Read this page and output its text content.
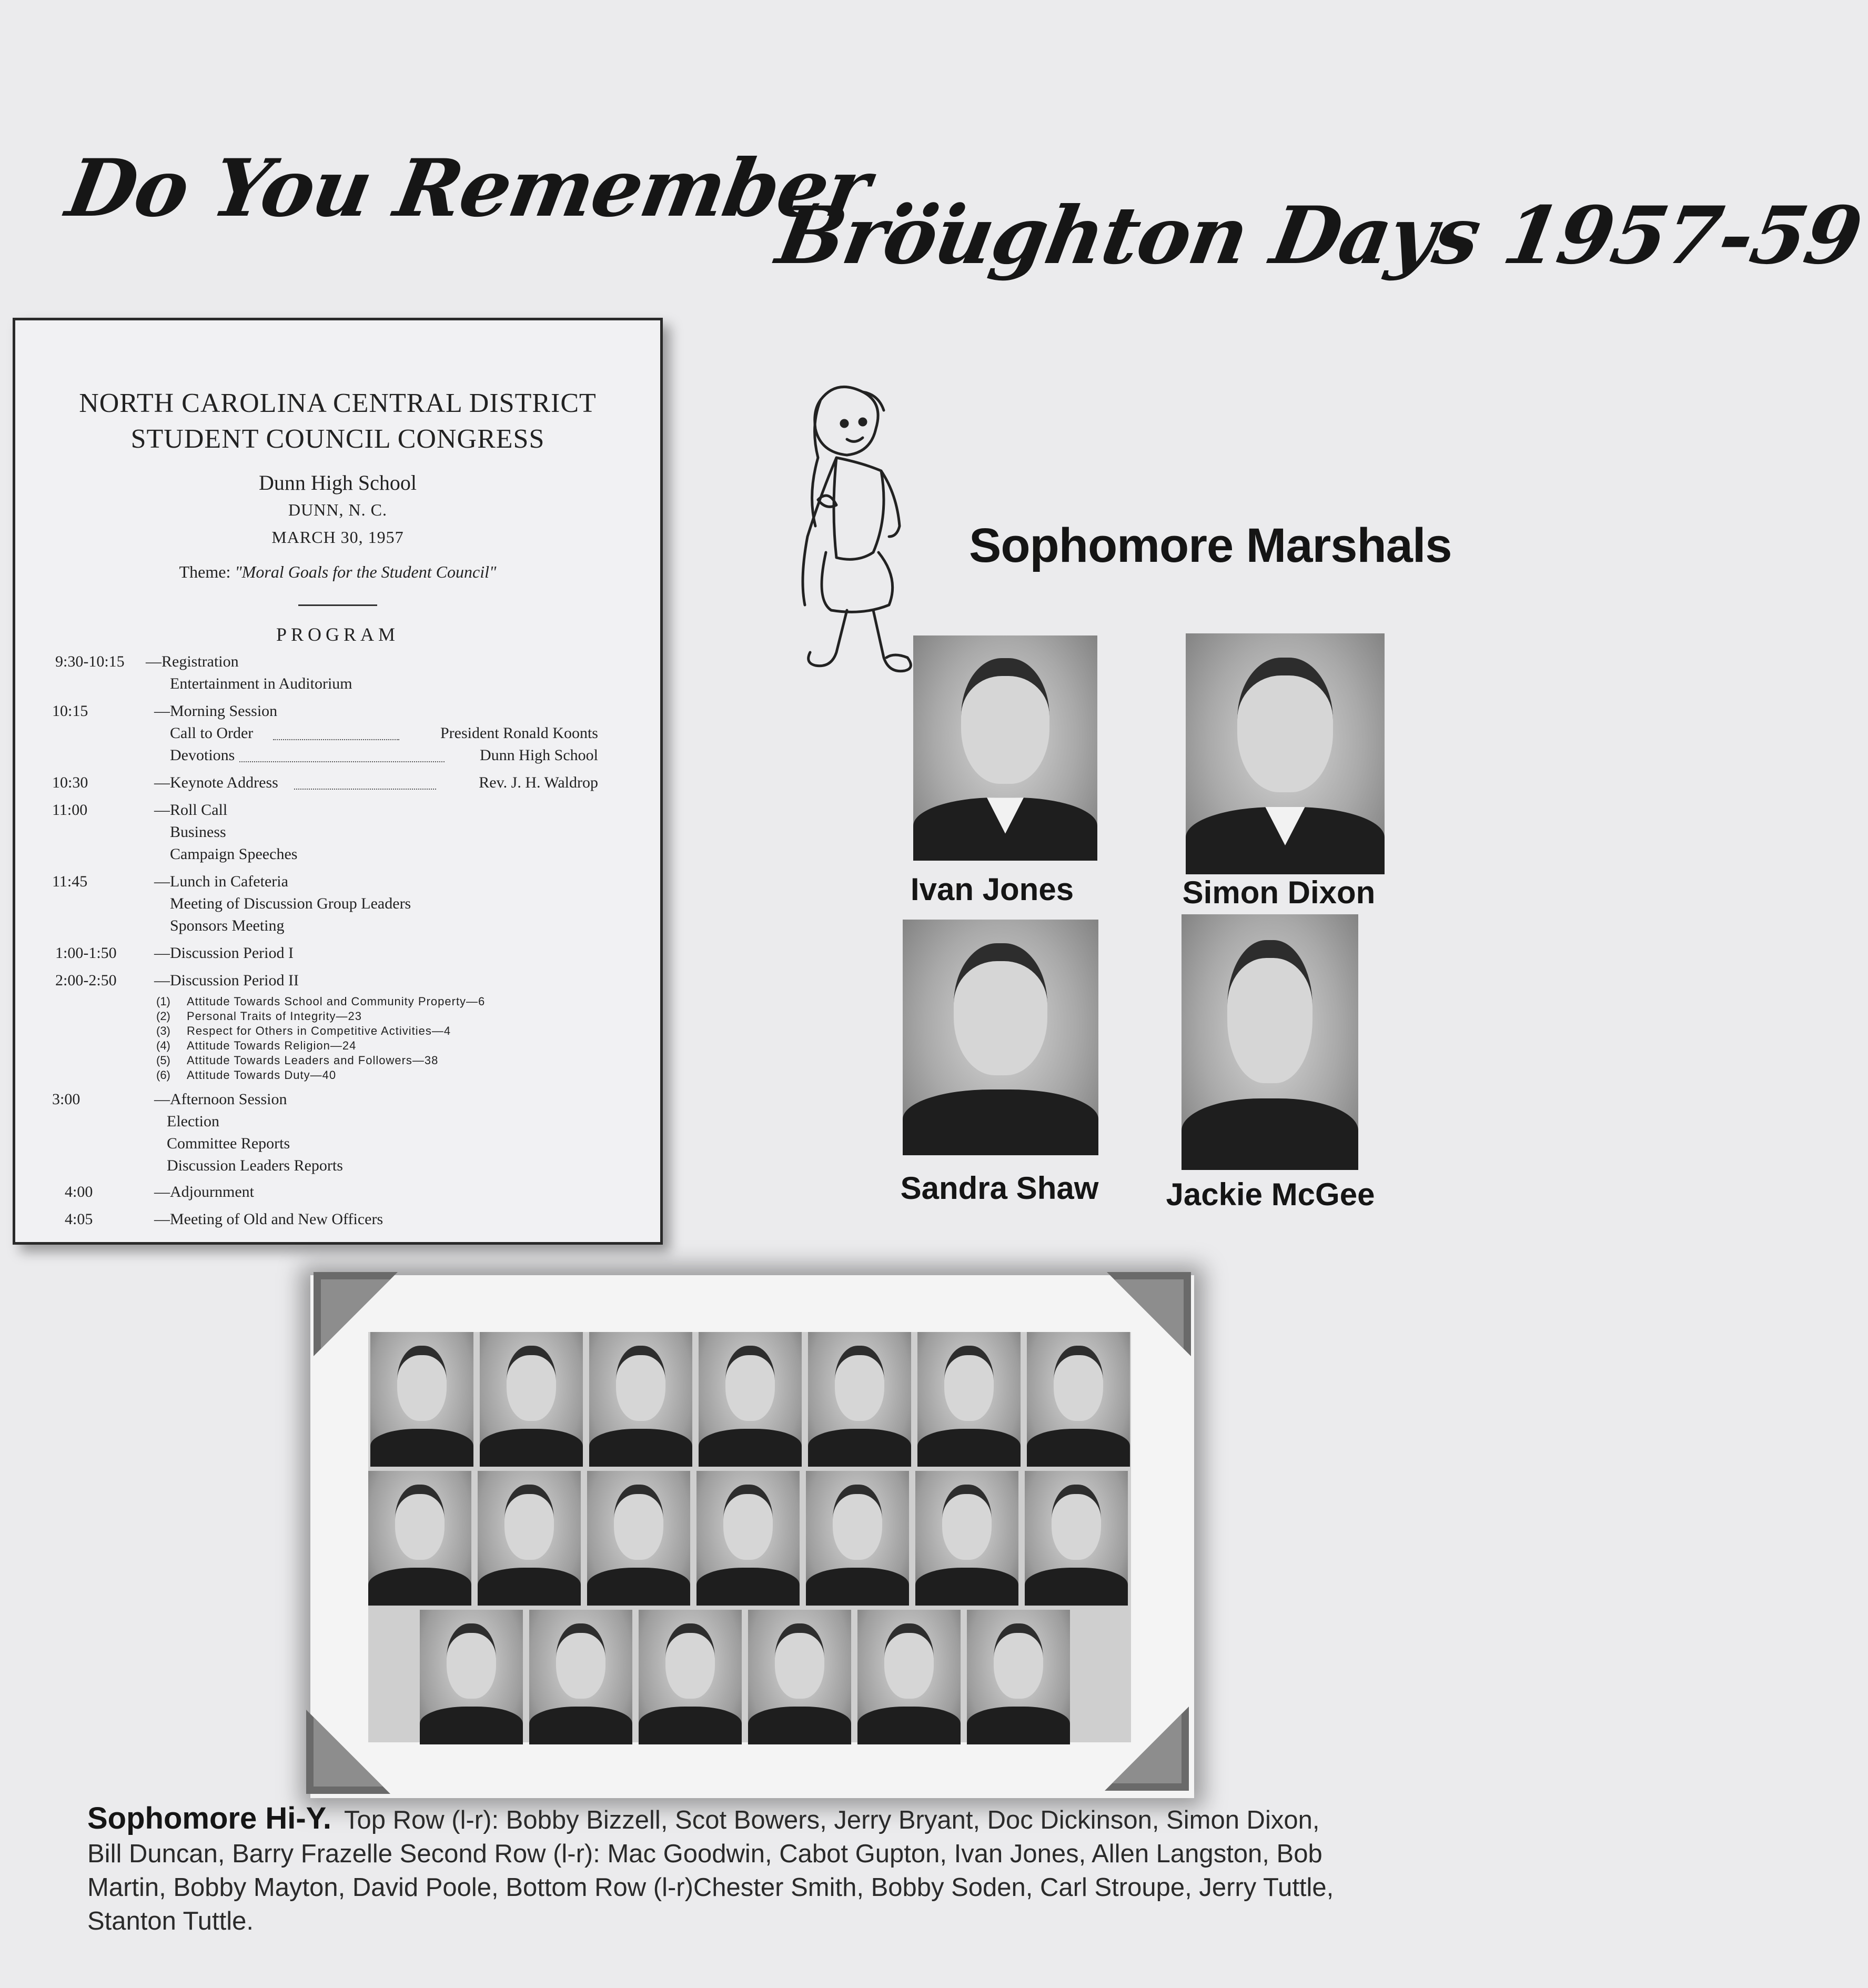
Do You Remember ...
Broughton Days 1957-59
NORTH CAROLINA CENTRAL DISTRICT
STUDENT COUNCIL CONGRESS
Dunn High School
DUNN, N. C.
MARCH 30, 1957
Theme: "Moral Goals for the Student Council"
PROGRAM
9:30-10:15 —Registration
Entertainment in Auditorium
10:15	—Morning Session
Call to Order	President Ronald Koonts
Devotions	Dunn High School
10:30	—Keynote Address	Rev. J. H. Waldrop
11:00	—Roll Call
Business
Campaign Speeches
11:45	—Lunch in Cafeteria
Meeting of Discussion Group Leaders
Sponsors Meeting
1:00-1:50 —Discussion Period I
2:00-2:50 —Discussion Period II
(1) Attitude Towards School and Community Property—6
(2) Personal Traits of Integrity—23
(3) Respect for Others in Competitive Activities—4
(4) Attitude Towards Religion—24
(5) Attitude Towards Leaders and Followers—38
(6) Attitude Towards Duty—40
3:00	—Afternoon Session
Election
Committee Reports
Discussion Leaders Reports
4:00	—Adjournment
4:05	—Meeting of Old and New Officers
Sophomore Marshals
Ivan Jones	Simon Dixon
Sandra Shaw Jackie McGee
Sophomore Hi-Y. Top Row (l-r): Bobby Bizzell, Scot Bowers, Jerry Bryant, Doc Dickinson, Simon Dixon, Bill Duncan, Barry Frazelle Second Row (l-r): Mac Goodwin, Cabot Gupton, Ivan Jones, Allen Langston, Bob Martin, Bobby Mayton, David Poole, Bottom Row (l-r)Chester Smith, Bobby Soden, Carl Stroupe, Jerry Tuttle, Stanton Tuttle.
